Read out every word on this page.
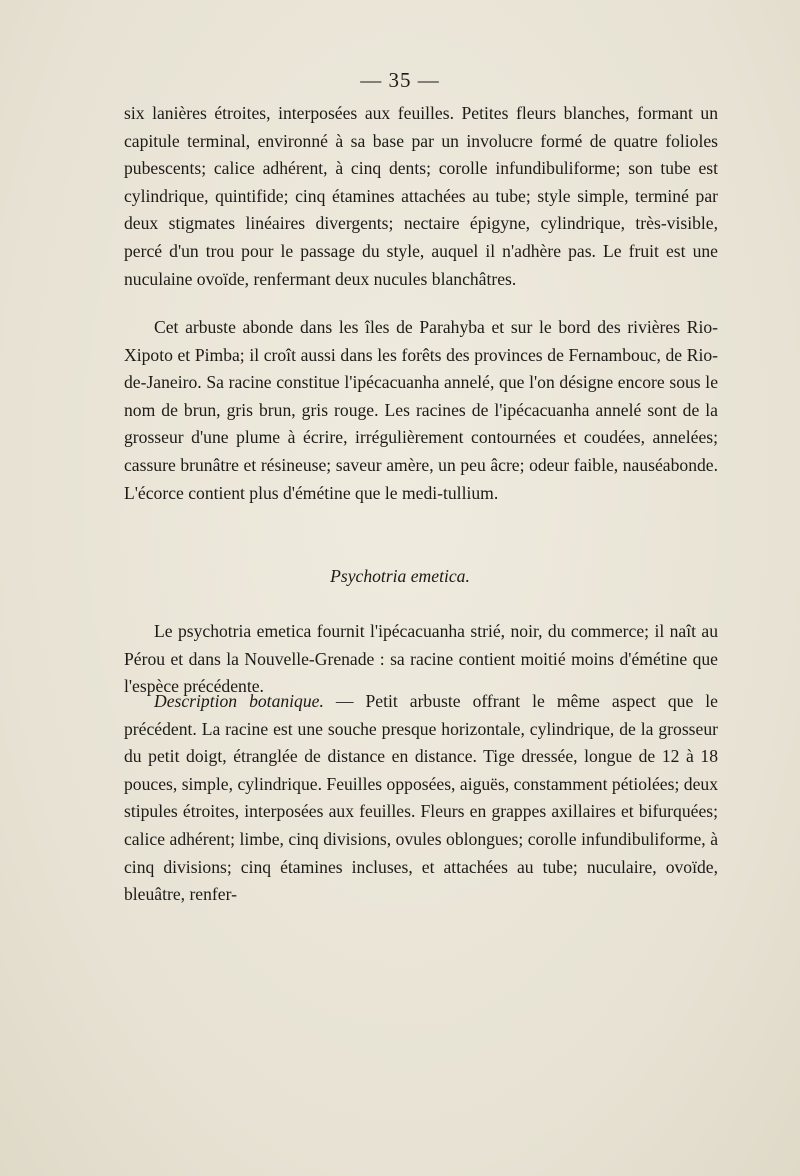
— 35 —

six lanières étroites, interposées aux feuilles. Petites fleurs blanches, formant un capitule terminal, environné à sa base par un involucre formé de quatre folioles pubescents; calice adhérent, à cinq dents; corolle infundibuliforme; son tube est cylindrique, quintifide; cinq étamines attachées au tube; style simple, terminé par deux stigmates linéaires divergents; nectaire épigyne, cylindrique, très-visible, percé d'un trou pour le passage du style, auquel il n'adhère pas. Le fruit est une nuculaine ovoïde, renfermant deux nucules blanchâtres.

Cet arbuste abonde dans les îles de Parahyba et sur le bord des rivières Rio-Xipoto et Pimba; il croît aussi dans les forêts des provinces de Fernambouc, de Rio-de-Janeiro. Sa racine constitue l'ipécacuanha annelé, que l'on désigne encore sous le nom de brun, gris brun, gris rouge. Les racines de l'ipécacuanha annelé sont de la grosseur d'une plume à écrire, irrégulièrement contournées et coudées, annelées; cassure brunâtre et résineuse; saveur amère, un peu âcre; odeur faible, nauséabonde. L'écorce contient plus d'émétine que le medi-tullium.

Psychotria emetica.

Le psychotria emetica fournit l'ipécacuanha strié, noir, du commerce; il naît au Pérou et dans la Nouvelle-Grenade : sa racine contient moitié moins d'émétine que l'espèce précédente.

Description botanique. — Petit arbuste offrant le même aspect que le précédent. La racine est une souche presque horizontale, cylindrique, de la grosseur du petit doigt, étranglée de distance en distance. Tige dressée, longue de 12 à 18 pouces, simple, cylindrique. Feuilles opposées, aiguës, constamment pétiolées; deux stipules étroites, interposées aux feuilles. Fleurs en grappes axillaires et bifurquées; calice adhérent; limbe, cinq divisions, ovules oblongues; corolle infundibuliforme, à cinq divisions; cinq étamines incluses, et attachées au tube; nuculaire, ovoïde, bleuâtre, renfer-
